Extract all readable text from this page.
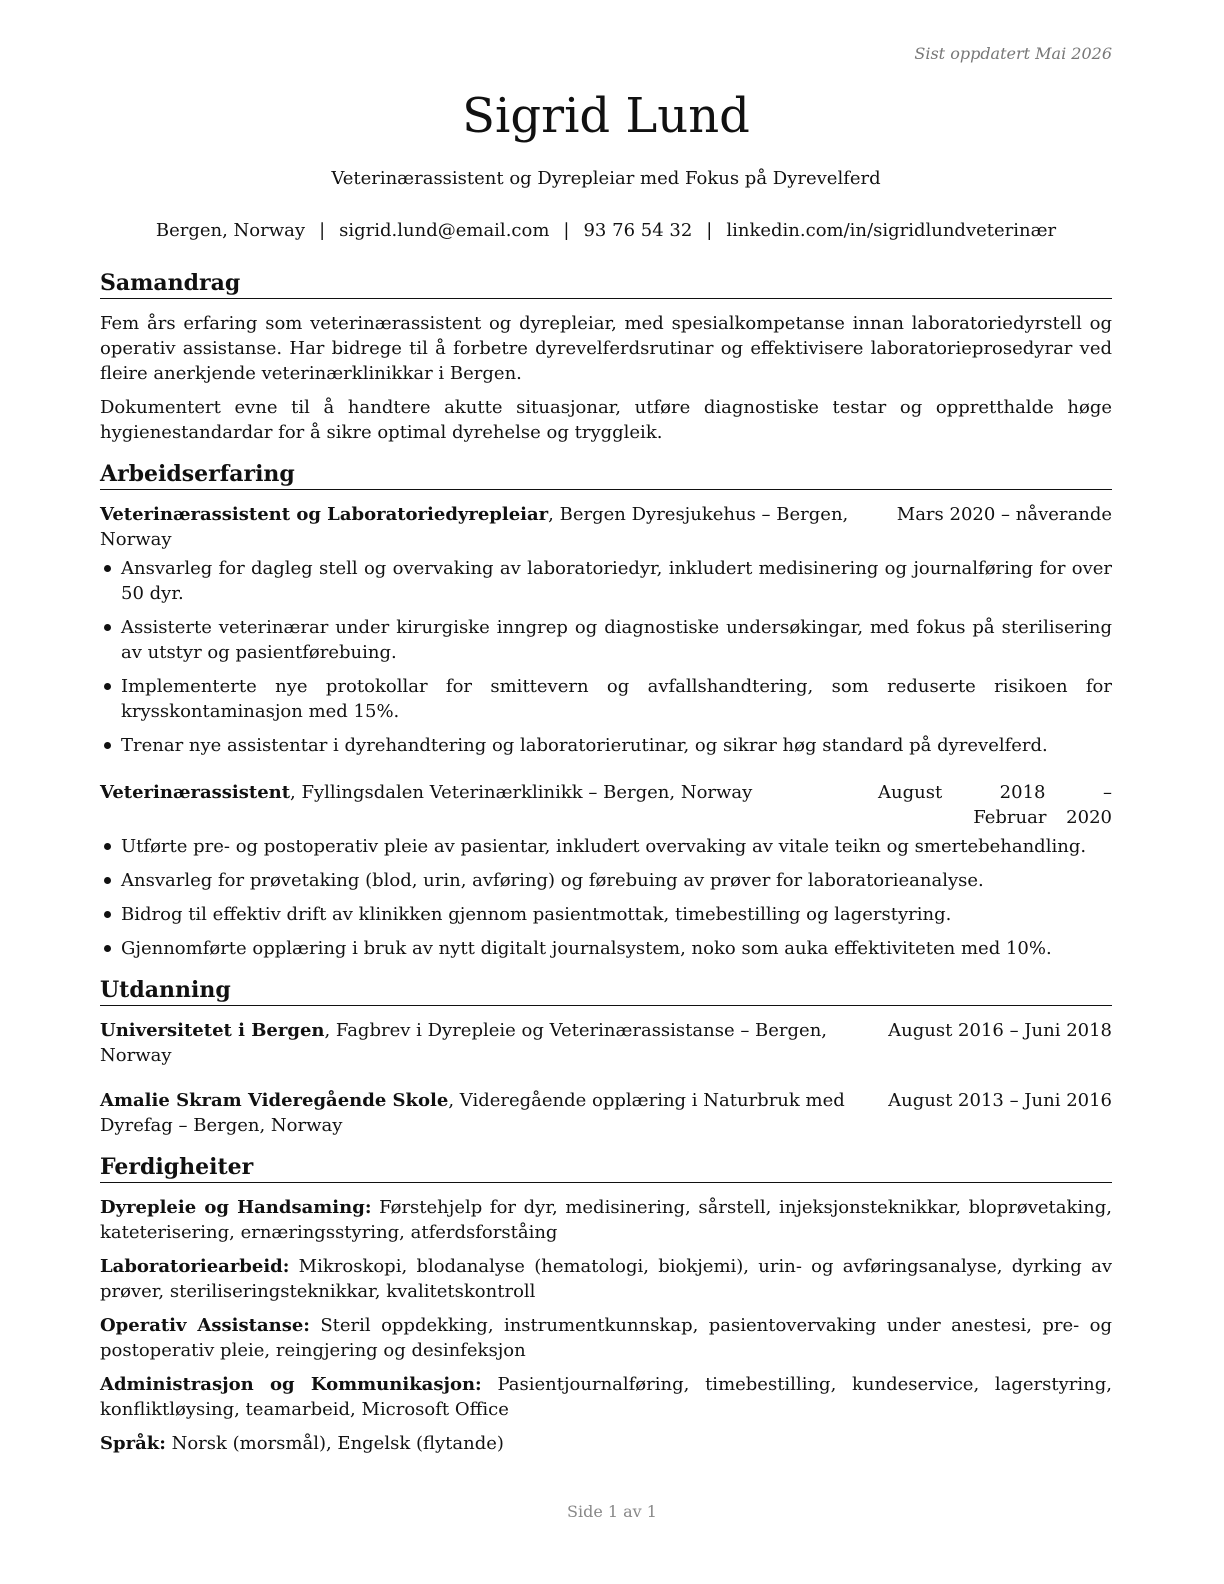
Sist oppdatert Mai 2026
Sigrid Lund
Veterinærassistent og Dyrepleiar med Fokus på Dyrevelferd
Bergen, Norway | sigrid.lund@email.com | 93 76 54 32 | linkedin.com/in/sigridlundveterinær
Samandrag

Fem års erfaring som veterinærassistent og dyrepleiar, med spesialkompetanse innan laboratoriedyrstell og operativ assistanse. Har bidrege til å forbetre dyrevelferdsrutinar og effektivisere laboratorieprosedyrar ved fleire anerkjende veterinærklinikkar i Bergen.

Dokumentert evne til å handtere akutte situasjonar, utføre diagnostiske testar og oppretthalde høge hygienestandardar for å sikre optimal dyrehelse og tryggleik.

Arbeidserfaring
Veterinærassistent og Laboratoriedyrepleiar, Bergen Dyresjukehus – Bergen, Norway
Mars 2020 – nåverande
Ansvarleg for dagleg stell og overvaking av laboratoriedyr, inkludert medisinering og journalføring for over 50 dyr.
Assisterte veterinærar under kirurgiske inngrep og diagnostiske undersøkingar, med fokus på sterilisering av utstyr og pasientførebuing.
Implementerte nye protokollar for smittevern og avfallshandtering, som reduserte risikoen for krysskontaminasjon med 15%.
Trenar nye assistentar i dyrehandtering og laboratorierutinar, og sikrar høg standard på dyrevelferd.
Veterinærassistent, Fyllingsdalen Veterinærklinikk – Bergen, Norway	August 2018 – Februar 2020
Utførte pre- og postoperativ pleie av pasientar, inkludert overvaking av vitale teikn og smertebehandling.
Ansvarleg for prøvetaking (blod, urin, avføring) og førebuing av prøver for laboratorieanalyse.
Bidrog til effektiv drift av klinikken gjennom pasientmottak, timebestilling og lagerstyring.
Gjennomførte opplæring i bruk av nytt digitalt journalsystem, noko som auka effektiviteten med 10%.
Utdanning
Universitetet i Bergen, Fagbrev i Dyrepleie og Veterinærassistanse – Bergen, Norway
August 2016 – Juni 2018
Amalie Skram Videregående Skole, Videregående opplæring i Naturbruk med Dyrefag – Bergen, Norway
August 2013 – Juni 2016
Ferdigheiter

Dyrepleie og Handsaming: Førstehjelp for dyr, medisinering, sårstell, injeksjonsteknikkar, bloprøvetaking, kateterisering, ernæringsstyring, atferdsforståing

Laboratoriearbeid: Mikroskopi, blodanalyse (hematologi, biokjemi), urin- og avføringsanalyse, dyrking av prøver, steriliseringsteknikkar, kvalitetskontroll

Operativ Assistanse: Steril oppdekking, instrumentkunnskap, pasientovervaking under anestesi, pre- og postoperativ pleie, reingjering og desinfeksjon

Administrasjon og Kommunikasjon: Pasientjournalføring, timebestilling, kundeservice, lagerstyring, konfliktløysing, teamarbeid, Microsoft Office

Språk: Norsk (morsmål), Engelsk (flytande)

Side 1 av 1
